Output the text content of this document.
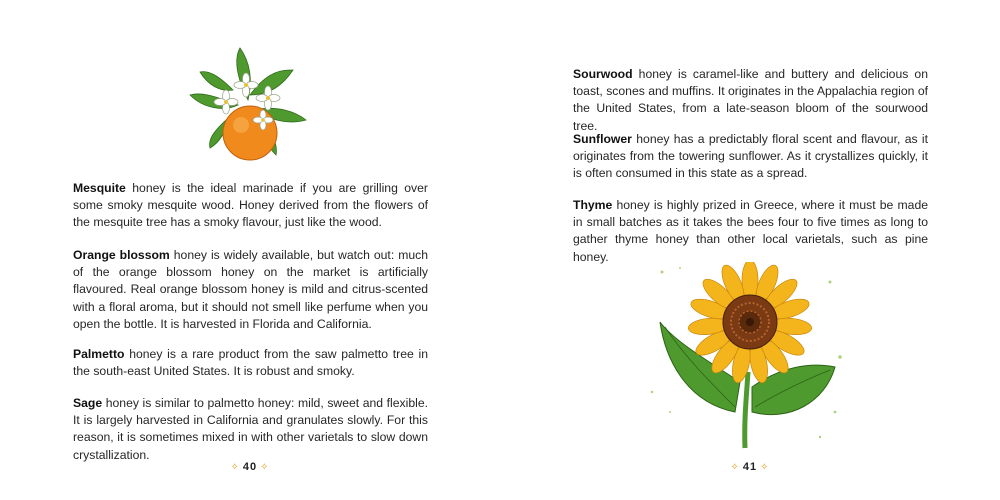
Mesquite honey is the ideal marinade if you are grilling over some smoky mesquite wood. Honey derived from the flowers of the mesquite tree has a smoky flavour, just like the wood.

Orange blossom honey is widely available, but watch out: much of the orange blossom honey on the market is artificially flavoured. Real orange blossom honey is mild and citrus-scented with a floral aroma, but it should not smell like perfume when you open the bottle. It is harvested in Florida and California.

Palmetto honey is a rare product from the saw palmetto tree in the south-east United States. It is robust and smoky.

Sage honey is similar to palmetto honey: mild, sweet and flexible. It is largely harvested in California and granulates slowly. For this reason, it is sometimes mixed in with other varietals to slow down crystallization.

✧ 40 ✧

Sourwood honey is caramel-like and buttery and delicious on toast, scones and muffins. It originates in the Appalachia region of the United States, from a late-season bloom of the sourwood tree.

Sunflower honey has a predictably floral scent and flavour, as it originates from the towering sunflower. As it crystallizes quickly, it is often consumed in this state as a spread.

Thyme honey is highly prized in Greece, where it must be made in small batches as it takes the bees four to five times as long to gather thyme honey than other local varietals, such as pine honey.

✧ 41 ✧
